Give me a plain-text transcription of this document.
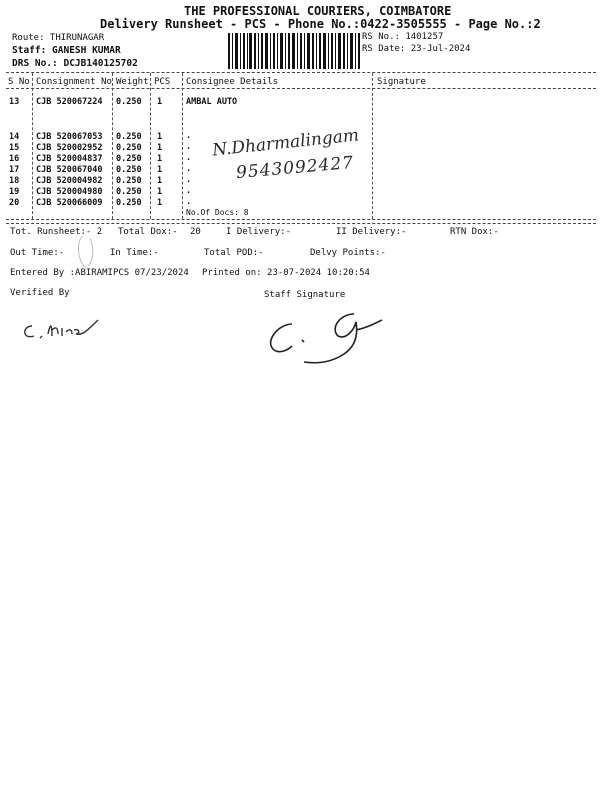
THE PROFESSIONAL COURIERS, COIMBATORE
Delivery Runsheet - PCS - Phone No.:0422-3505555 - Page No.:2
Route: THIRUNAGAR
Staff: GANESH KUMAR
DRS No.: DCJB140125702
RS No.: 1401257
RS Date: 23-Jul-2024
S No Consignment No Weight PCS Consignee Details	Signature
13 CJB 520067224 0.250 1	AMBAL AUTO
14 CJB 520067053 0.250 1	.
15 CJB 520002952 0.250 1	.
16 CJB 520004837 0.250 1	.
17 CJB 520067040 0.250 1	.
18 CJB 520004982 0.250 1	.
19 CJB 520004980 0.250 1	.
20 CJB 520066009 0.250 1	.
No.Of Docs: 8
N.Dharmalingam
9543092427
Tot. Runsheet:- 2 Total Dox:- 20	I Delivery:-	II Delivery:-	RTN Dox:-
Out Time:-	In Time:-	Total POD:-	Delvy Points:-
Entered By :ABIRAMIPCS 07/23/2024 Printed on: 23-07-2024 10:20:54
Verified By	Staff Signature
